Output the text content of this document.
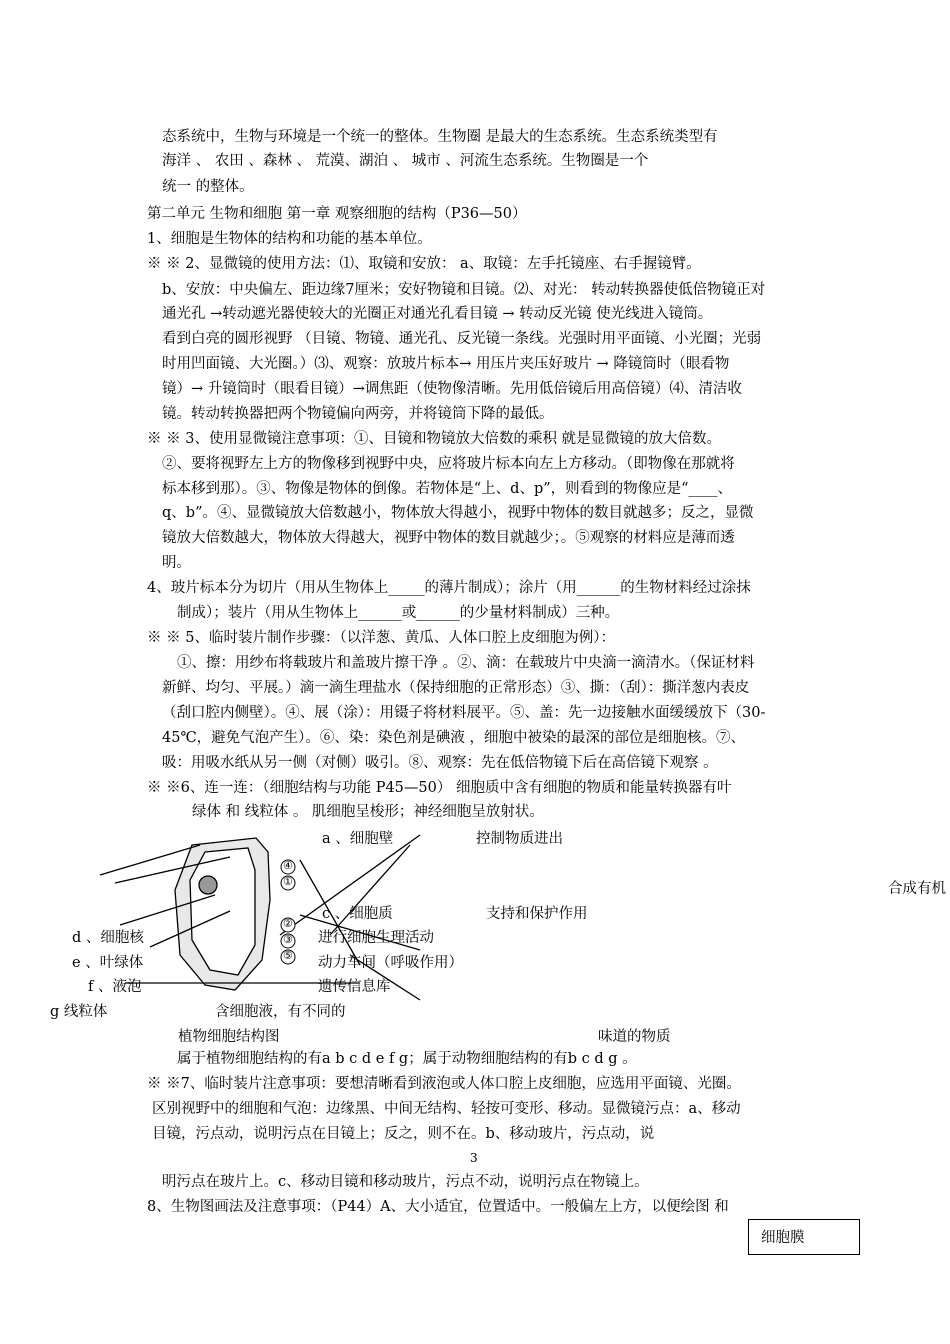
态系统中，生物与环境是一个统一的整体。生物圈 是最大的生态系统。生态系统类型有
海洋 、 农田 、森林 、 荒漠、湖泊 、 城市 、河流生态系统。生物圈是一个
统一 的整体。
第二单元 生物和细胞 第一章 观察细胞的结构（P36—50）
1、细胞是生物体的结构和功能的基本单位。
※ ※ 2、显微镜的使用方法：⑴、取镜和安放： a、取镜：左手托镜座、右手握镜臂。
b、安放：中央偏左、距边缘7厘米；安好物镜和目镜。⑵、对光： 转动转换器使低倍物镜正对
通光孔 →转动遮光器使较大的光圈正对通光孔看目镜 → 转动反光镜 使光线进入镜筒。
看到白亮的圆形视野 （目镜、物镜、通光孔、反光镜一条线。光强时用平面镜、小光圈；光弱
时用凹面镜、大光圈。）⑶、观察：放玻片标本→ 用压片夹压好玻片 → 降镜筒时（眼看物
镜）→ 升镜筒时（眼看目镜）→调焦距（使物像清晰。先用低倍镜后用高倍镜）⑷、清洁收
镜。转动转换器把两个物镜偏向两旁，并将镜筒下降的最低。
※ ※ 3、使用显微镜注意事项：①、目镜和物镜放大倍数的乘积 就是显微镜的放大倍数。
②、要将视野左上方的物像移到视野中央，应将玻片标本向左上方移动。（即物像在那就将
标本移到那）。③、物像是物体的倒像。若物体是“上、d、p”，则看到的物像应是“____、
q、b”。④、显微镜放大倍数越小，物体放大得越小，视野中物体的数目就越多；反之，显微
镜放大倍数越大，物体放大得越大，视野中物体的数目就越少；。⑤观察的材料应是薄而透
明。
4、玻片标本分为切片（用从生物体上_____的薄片制成）；涂片（用______的生物材料经过涂抹
制成）；装片（用从生物体上______或______的少量材料制成）三种。
※ ※ 5、临时装片制作步骤：（以洋葱、黄瓜、人体口腔上皮细胞为例）：
①、擦：用纱布将载玻片和盖玻片擦干净 。②、滴：在载玻片中央滴一滴清水。（保证材料
新鲜、均匀、平展。）滴一滴生理盐水（保持细胞的正常形态）③、撕：（刮）：撕洋葱内表皮
（刮口腔内侧壁）。④、展（涂）：用镊子将材料展平。⑤、盖：先一边接触水面缓缓放下（30-
45℃，避免气泡产生）。⑥、染：染色剂是碘液 ，细胞中被染的最深的部位是细胞核。⑦、
吸：用吸水纸从另一侧（对侧）吸引。⑧、观察：先在低倍物镜下后在高倍镜下观察 。
※ ※6、连一连：（细胞结构与功能 P45—50） 细胞质中含有细胞的物质和能量转换器有叶
绿体 和 线粒体 。 肌细胞呈梭形；神经细胞呈放射状。
④
①
②
③
⑤
a 、细胞壁	控制物质进出
c 、细胞质	支持和保护作用
合成有机
d 、细胞核	进行细胞生理活动
e 、叶绿体	动力车间（呼吸作用）
f 、液泡	遗传信息库
g 线粒体	含细胞液，有不同的
植物细胞结构图	味道的物质
属于植物细胞结构的有a b c d e f g；属于动物细胞结构的有b c d g 。
※ ※7、临时装片注意事项：要想清晰看到液泡或人体口腔上皮细胞，应选用平面镜、光圈。
区别视野中的细胞和气泡：边缘黑、中间无结构、轻按可变形、移动。显微镜污点：a、移动
目镜，污点动，说明污点在目镜上；反之，则不在。b、移动玻片，污点动，说
3
明污点在玻片上。c、移动目镜和移动玻片，污点不动，说明污点在物镜上。
8、生物图画法及注意事项：（P44）A、大小适宜，位置适中。一般偏左上方，以便绘图 和
细胞膜
